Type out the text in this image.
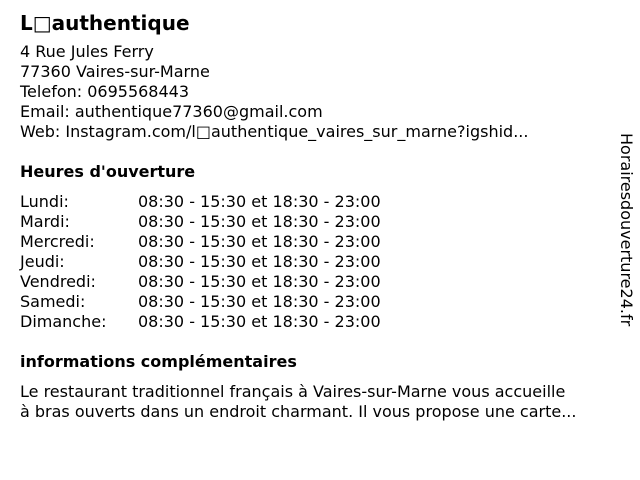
L□authentique
4 Rue Jules Ferry
77360 Vaires-sur-Marne
Telefon: 0695568443
Email: authentique77360@gmail.com
Web: Instagram.com/l□authentique_vaires_sur_marne?igshid...
Heures d'ouverture
Lundi:	08:30 - 15:30 et 18:30 - 23:00
Mardi:	08:30 - 15:30 et 18:30 - 23:00
Mercredi:	08:30 - 15:30 et 18:30 - 23:00
Jeudi:	08:30 - 15:30 et 18:30 - 23:00
Vendredi:	08:30 - 15:30 et 18:30 - 23:00
Samedi:	08:30 - 15:30 et 18:30 - 23:00
Dimanche:	08:30 - 15:30 et 18:30 - 23:00
informations complémentaires
Le restaurant traditionnel français à Vaires-sur-Marne vous accueille
à bras ouverts dans un endroit charmant. Il vous propose une carte...
Horairesdouverture24.fr
